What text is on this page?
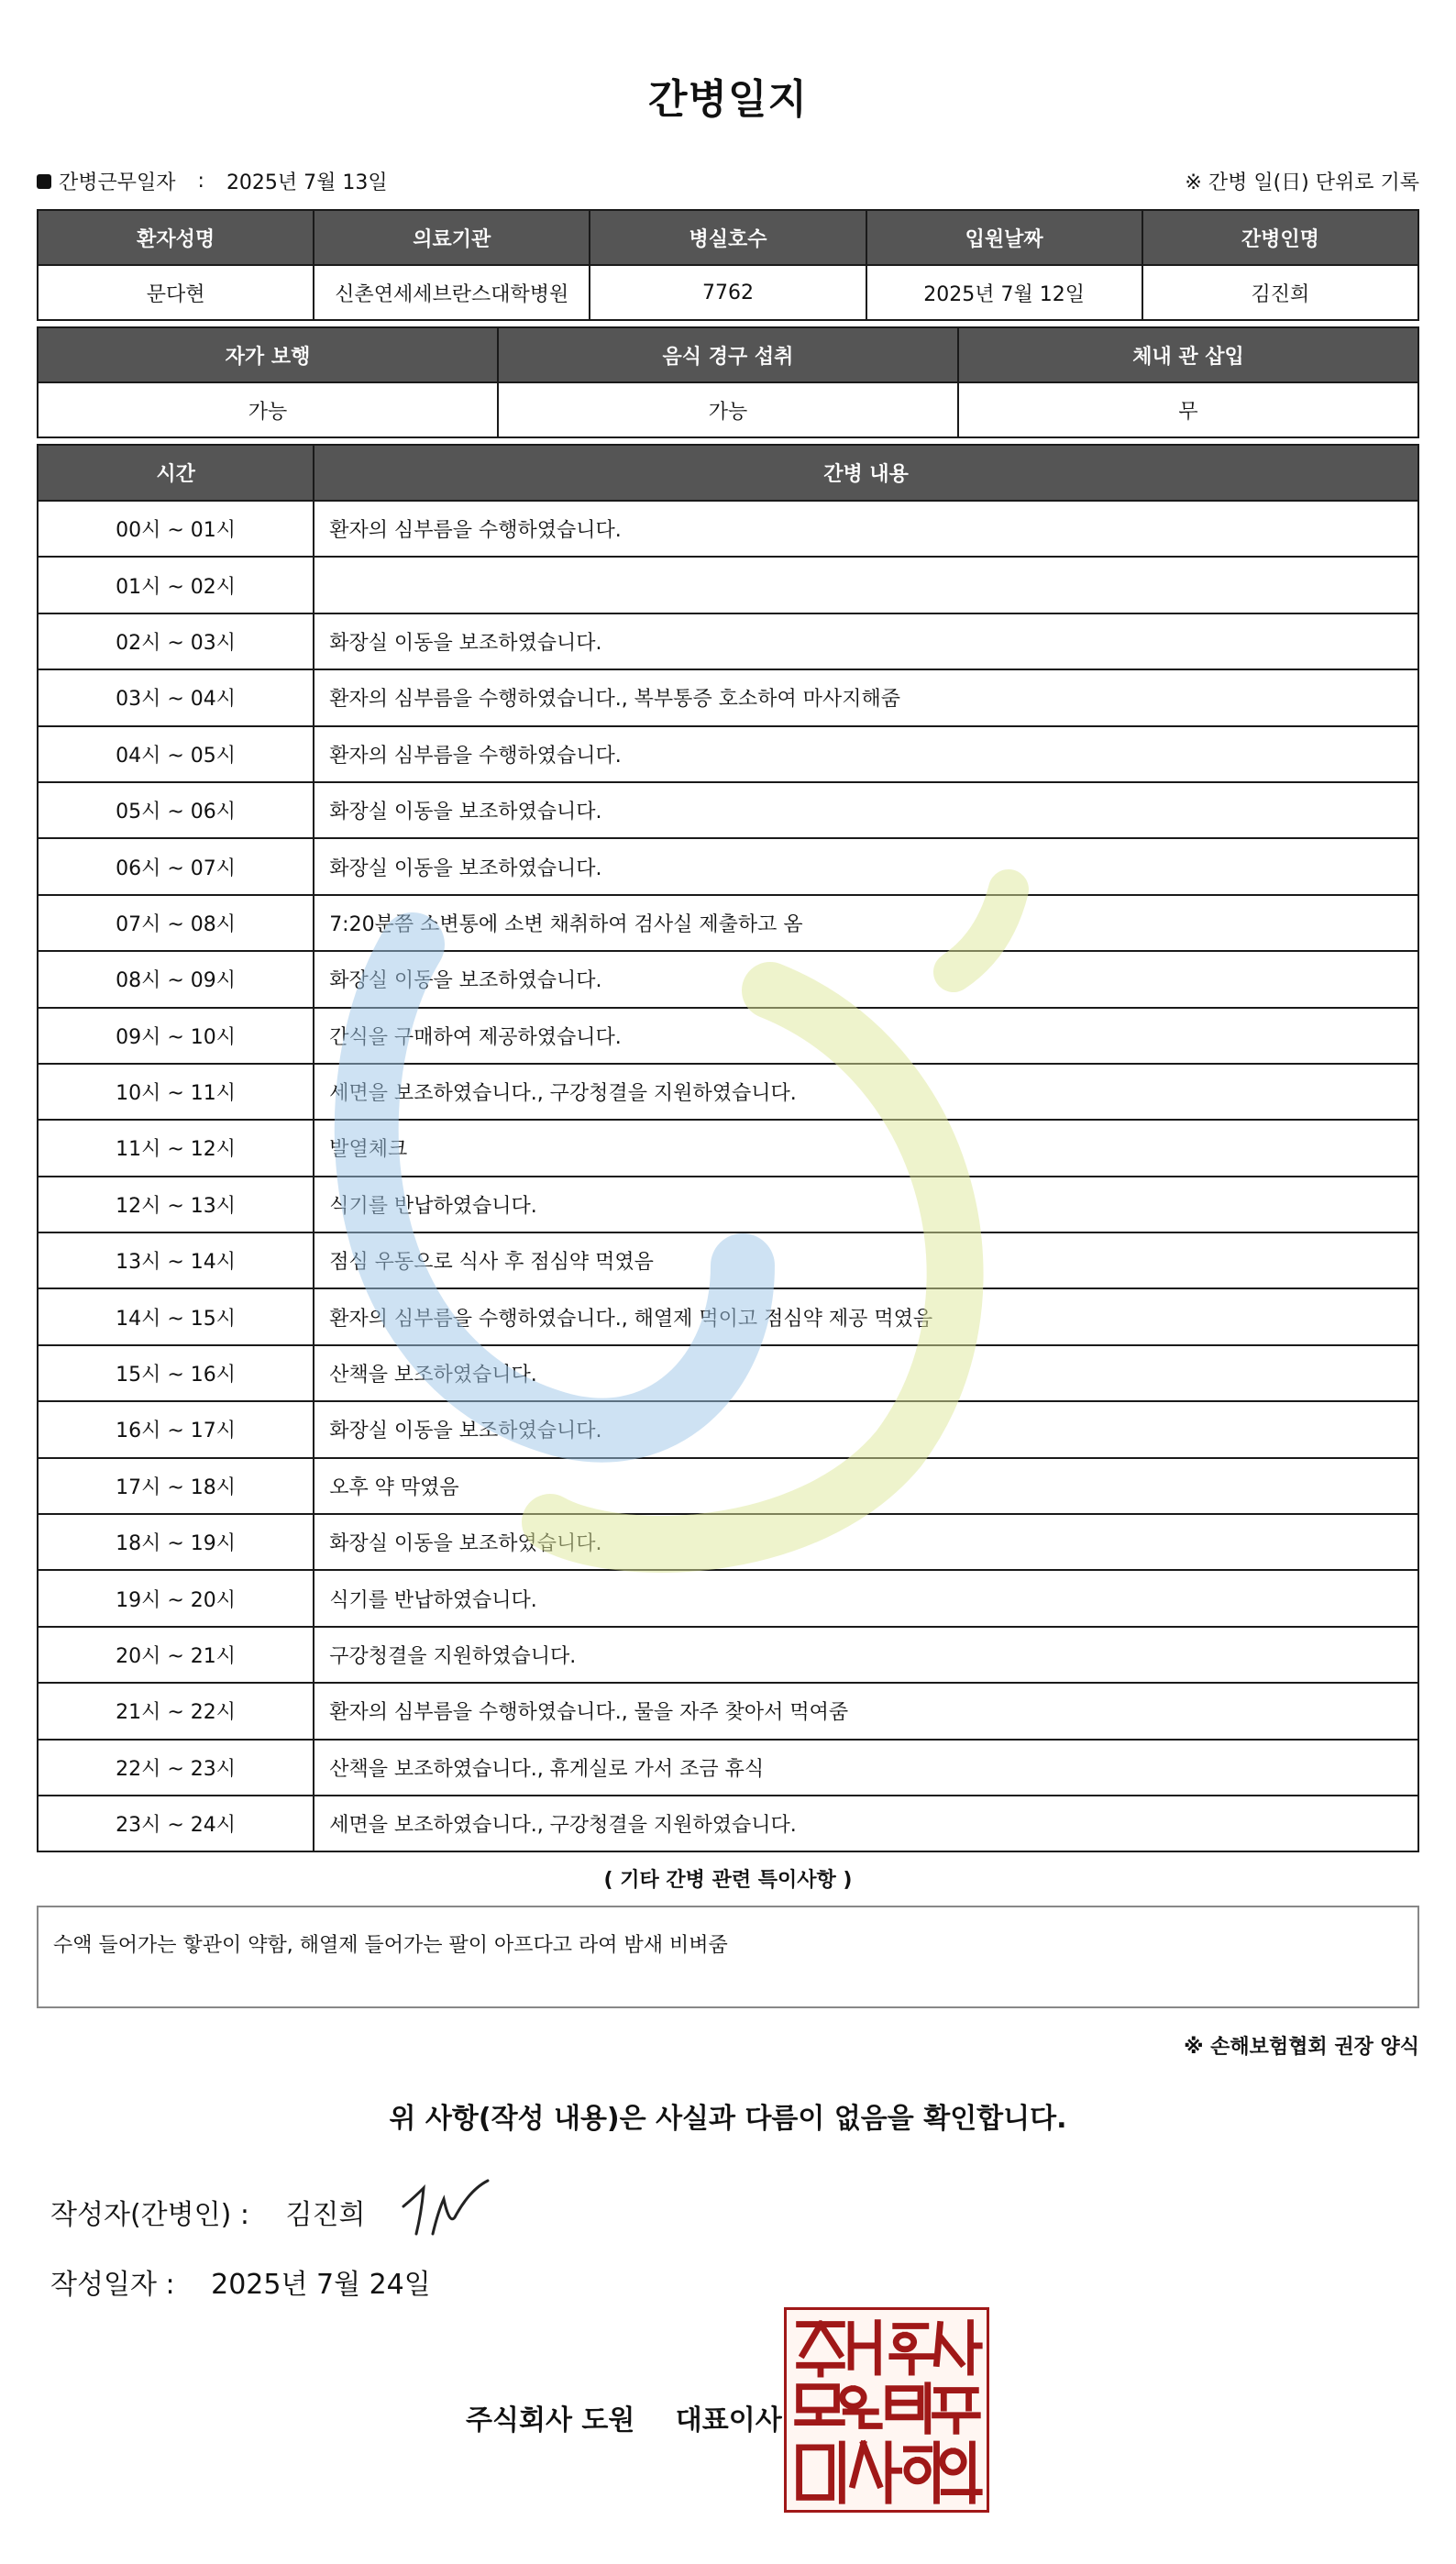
간병일지
간병근무일자 : 2025년 7월 13일	※ 간병 일(日) 단위로 기록
환자성명	의료기관	병실호수	입원날짜	간병인명
문다현	신촌연세세브란스대학병원	7762	2025년 7월 12일	김진희
자가 보행	음식 경구 섭취	체내 관 삽입
가능	가능	무
시간	간병 내용
00시 ~ 01시	환자의 심부름을 수행하였습니다.
01시 ~ 02시	
02시 ~ 03시	화장실 이동을 보조하였습니다.
03시 ~ 04시	환자의 심부름을 수행하였습니다., 복부통증 호소하여 마사지해줌
04시 ~ 05시	환자의 심부름을 수행하였습니다.
05시 ~ 06시	화장실 이동을 보조하였습니다.
06시 ~ 07시	화장실 이동을 보조하였습니다.
07시 ~ 08시	7:20분쯤 소변통에 소변 채취하여 검사실 제출하고 옴
08시 ~ 09시	화장실 이동을 보조하였습니다.
09시 ~ 10시	간식을 구매하여 제공하였습니다.
10시 ~ 11시	세면을 보조하였습니다., 구강청결을 지원하였습니다.
11시 ~ 12시	발열체크
12시 ~ 13시	식기를 반납하였습니다.
13시 ~ 14시	점심 우동으로 식사 후 점심약 먹였음
14시 ~ 15시	환자의 심부름을 수행하였습니다., 해열제 먹이고 점심약 제공 먹였음
15시 ~ 16시	산책을 보조하였습니다.
16시 ~ 17시	화장실 이동을 보조하였습니다.
17시 ~ 18시	오후 약 막였음
18시 ~ 19시	화장실 이동을 보조하였습니다.
19시 ~ 20시	식기를 반납하였습니다.
20시 ~ 21시	구강청결을 지원하였습니다.
21시 ~ 22시	환자의 심부름을 수행하였습니다., 물을 자주 찾아서 먹여줌
22시 ~ 23시	산책을 보조하였습니다., 휴게실로 가서 조금 휴식
23시 ~ 24시	세면을 보조하였습니다., 구강청결을 지원하였습니다.
( 기타 간병 관련 특이사항 )
수액 들어가는 핳관이 약함, 해열제 들어가는 팔이 아프다고 라여 밤새 비벼줌
※ 손해보험협회 권장 양식
위 사항(작성 내용)은 사실과 다름이 없음을 확인합니다.
작성자(간병인) : 김진희
작성일자 : 2025년 7월 24일
주식회사 도원 대표이사
